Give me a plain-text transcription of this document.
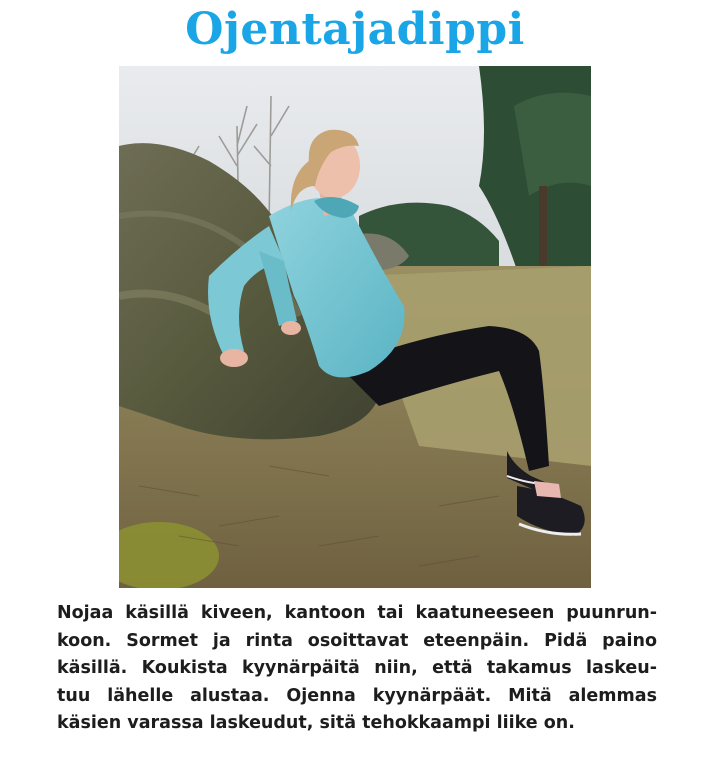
Ojentajadippi
Nojaa käsillä kiveen, kantoon tai kaatuneeseen puunrun-
koon. Sormet ja rinta osoittavat eteenpäin. Pidä paino
käsillä. Koukista kyynärpäitä niin, että takamus laskeu-
tuu lähelle alustaa. Ojenna kyynärpäät. Mitä alemmas
käsien varassa laskeudut, sitä tehokkaampi liike on.
